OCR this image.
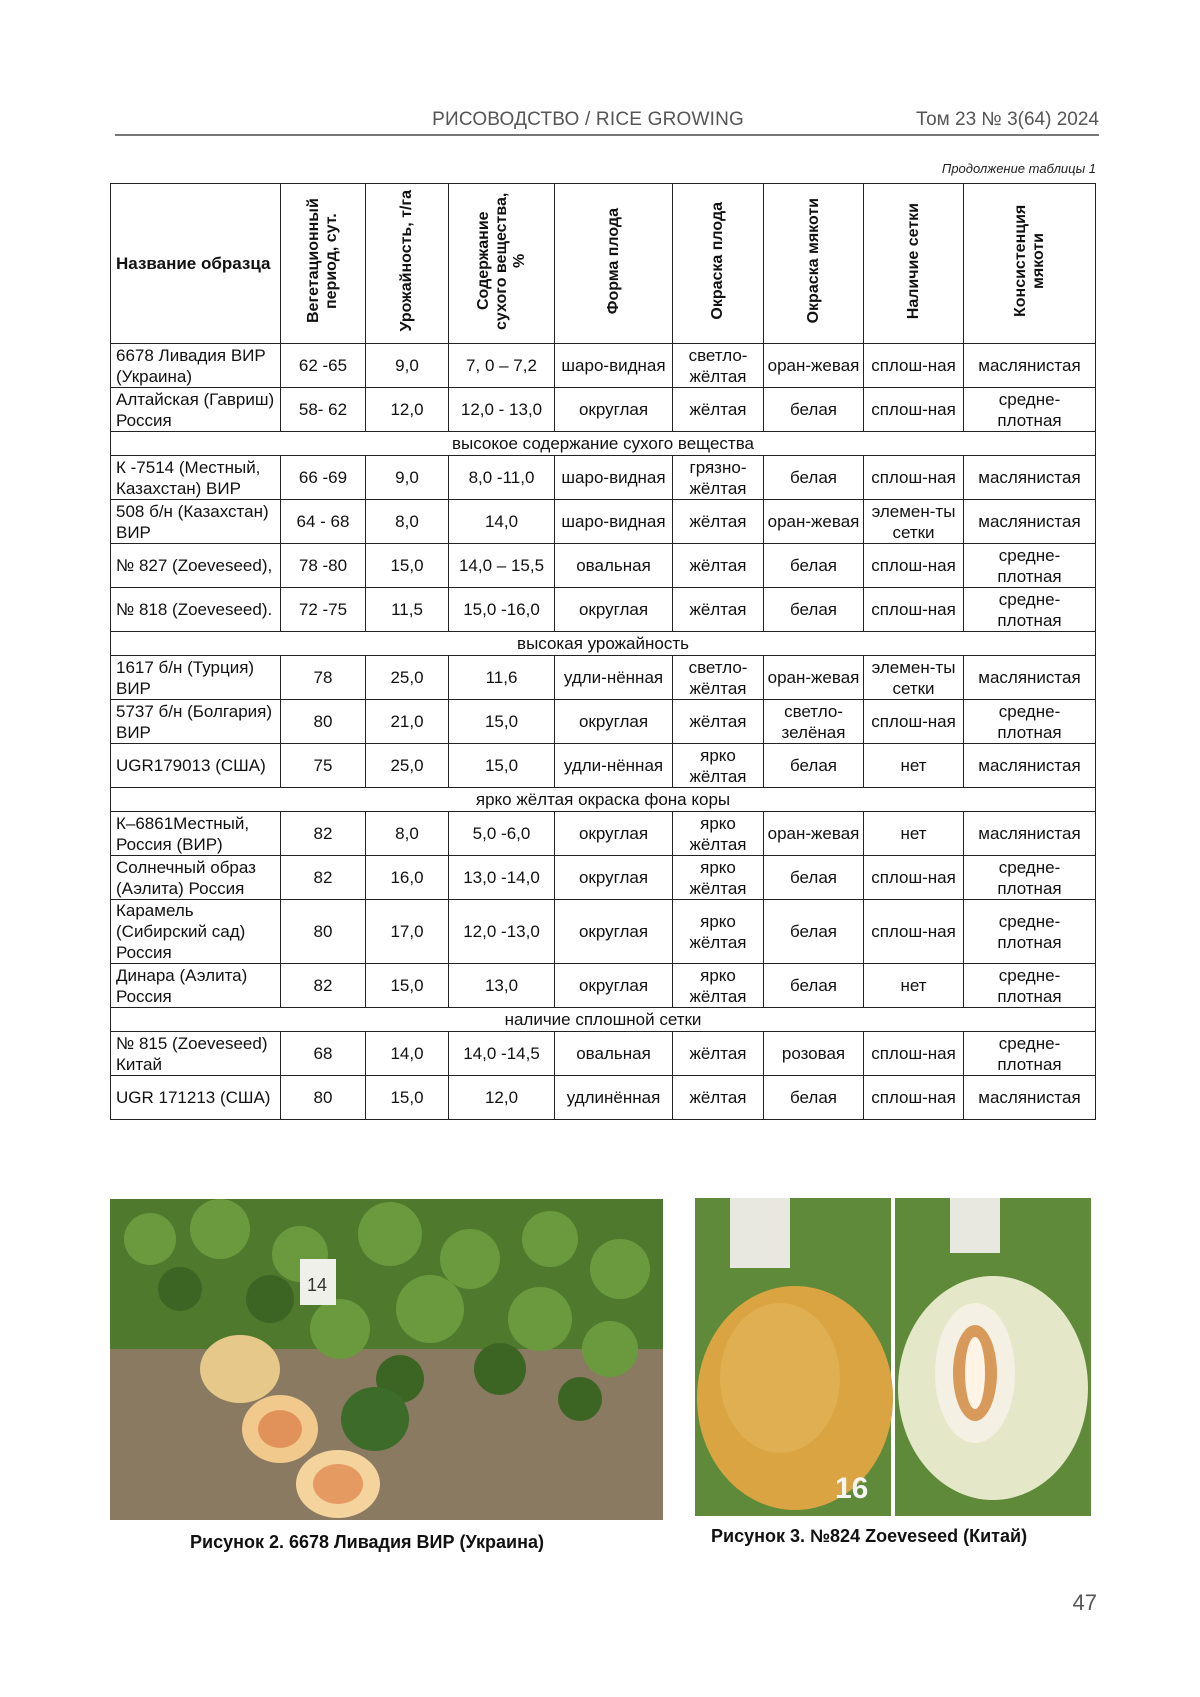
РИСОВОДСТВО / RICE GROWING	Том 23 № 3(64) 2024
Продолжение таблицы 1
Название образца	Вегетационный период, сут.	Урожайность, т/га	Содержание сухого вещества, %	Форма плода	Окраска плода	Окраска мякоти	Наличие сетки	Консистенция мякоти
6678 Ливадия ВИР (Украина)	62 -65	9,0	7, 0 – 7,2	шаро-видная	светло-жёлтая	оран-жевая	сплош-ная	маслянистая
Алтайская (Гавриш) Россия	58- 62	12,0	12,0 - 13,0	округлая	жёлтая	белая	сплош-ная	средне-плотная
высокое содержание сухого вещества								
К -7514 (Местный, Казахстан) ВИР	66 -69	9,0	8,0 -11,0	шаро-видная	грязно-жёлтая	белая	сплош-ная	маслянистая
508 б/н (Казахстан) ВИР	64 - 68	8,0	14,0	шаро-видная	жёлтая	оран-жевая	элемен-ты сетки	маслянистая
№ 827 (Zoeveseed),	78 -80	15,0	14,0 – 15,5	овальная	жёлтая	белая	сплош-ная	средне-плотная
№ 818 (Zoeveseed).	72 -75	11,5	15,0 -16,0	округлая	жёлтая	белая	сплош-ная	средне-плотная
высокая урожайность								
1617 б/н (Турция) ВИР	78	25,0	11,6	удли-нённая	светло-жёлтая	оран-жевая	элемен-ты сетки	маслянистая
5737 б/н (Болгария) ВИР	80	21,0	15,0	округлая	жёлтая	светло-зелёная	сплош-ная	средне-плотная
UGR179013 (США)	75	25,0	15,0	удли-нённая	ярко жёлтая	белая	нет	маслянистая
ярко жёлтая окраска фона коры								
К–6861Местный, Россия (ВИР)	82	8,0	5,0 -6,0	округлая	ярко жёлтая	оран-жевая	нет	маслянистая
Солнечный образ (Аэлита) Россия	82	16,0	13,0 -14,0	округлая	ярко жёлтая	белая	сплош-ная	средне-плотная
Карамель (Сибирский сад) Россия	80	17,0	12,0 -13,0	округлая	ярко жёлтая	белая	сплош-ная	средне-плотная
Динара (Аэлита) Россия	82	15,0	13,0	округлая	ярко жёлтая	белая	нет	средне-плотная
наличие сплошной сетки								
№ 815 (Zoeveseed) Китай	68	14,0	14,0 -14,5	овальная	жёлтая	розовая	сплош-ная	средне-плотная
UGR 171213 (США)	80	15,0	12,0	удлинённая	жёлтая	белая	сплош-ная	маслянистая
14
Рисунок 2. 6678 Ливадия ВИР (Украина)
16
Рисунок 3. №824 Zoeveseed (Китай)
47
